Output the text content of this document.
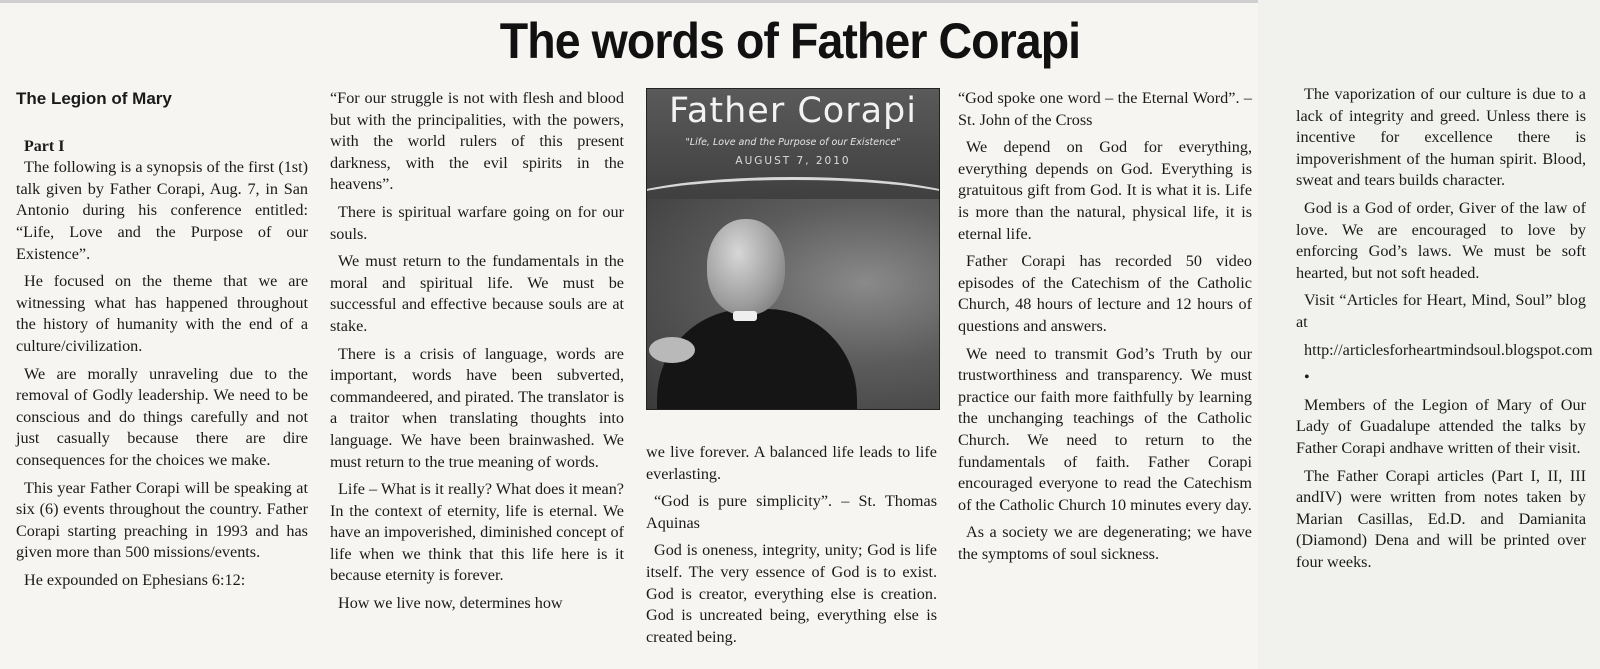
The words of Father Corapi
The Legion of Mary
Part I

The following is a synopsis of the first (1st) talk given by Father Corapi, Aug. 7, in San Antonio during his conference entitled: “Life, Love and the Purpose of our Existence”.

He focused on the theme that we are witnessing what has happened throughout the history of humanity with the end of a culture/civilization.

We are morally unraveling due to the removal of Godly leadership. We need to be conscious and do things carefully and not just casually because there are dire consequences for the choices we make.

This year Father Corapi will be speaking at six (6) events throughout the country. Father Corapi starting preaching in 1993 and has given more than 500 missions/events.

He expounded on Ephesians 6:12:

“For our struggle is not with flesh and blood but with the principalities, with the powers, with the world rulers of this present darkness, with the evil spirits in the heavens”.

There is spiritual warfare going on for our souls.

We must return to the fundamentals in the moral and spiritual life. We must be successful and effective because souls are at stake.

There is a crisis of language, words are important, words have been subverted, commandeered, and pirated. The translator is a traitor when translating thoughts into language. We have been brainwashed. We must return to the true meaning of words.

Life – What is it really? What does it mean? In the context of eternity, life is eternal. We have an impoverished, diminished concept of life when we think that this life here is it because eternity is forever.

How we live now, determines how

Father Corapi
"Life, Love and the Purpose of our Existence"
AUGUST 7, 2010

we live forever. A balanced life leads to life everlasting.

“God is pure simplicity”. – St. Thomas Aquinas

God is oneness, integrity, unity; God is life itself. The very essence of God is to exist. God is creator, everything else is creation. God is uncreated being, everything else is created being.

“God spoke one word – the Eternal Word”. – St. John of the Cross

We depend on God for everything, everything depends on God. Everything is gratuitous gift from God. It is what it is. Life is more than the natural, physical life, it is eternal life.

Father Corapi has recorded 50 video episodes of the Catechism of the Catholic Church, 48 hours of lecture and 12 hours of questions and answers.

We need to transmit God’s Truth by our trustworthiness and transparency. We must practice our faith more faithfully by learning the unchanging teachings of the Catholic Church. We need to return to the fundamentals of faith. Father Corapi encouraged everyone to read the Catechism of the Catholic Church 10 minutes every day.

As a society we are degenerating; we have the symptoms of soul sickness.

The vaporization of our culture is due to a lack of integrity and greed. Unless there is incentive for excellence there is impoverishment of the human spirit. Blood, sweat and tears builds character.

God is a God of order, Giver of the law of love. We are encouraged to love by enforcing God’s laws. We must be soft hearted, but not soft headed.

Visit “Articles for Heart, Mind, Soul” blog at

http://articlesforheartmindsoul.blogspot.com

•

Members of the Legion of Mary of Our Lady of Guadalupe attended the talks by Father Corapi andhave written of their visit.

The Father Corapi articles (Part I, II, III andIV) were written from notes taken by Marian Casillas, Ed.D. and Damianita (Diamond) Dena and will be printed over four weeks.
